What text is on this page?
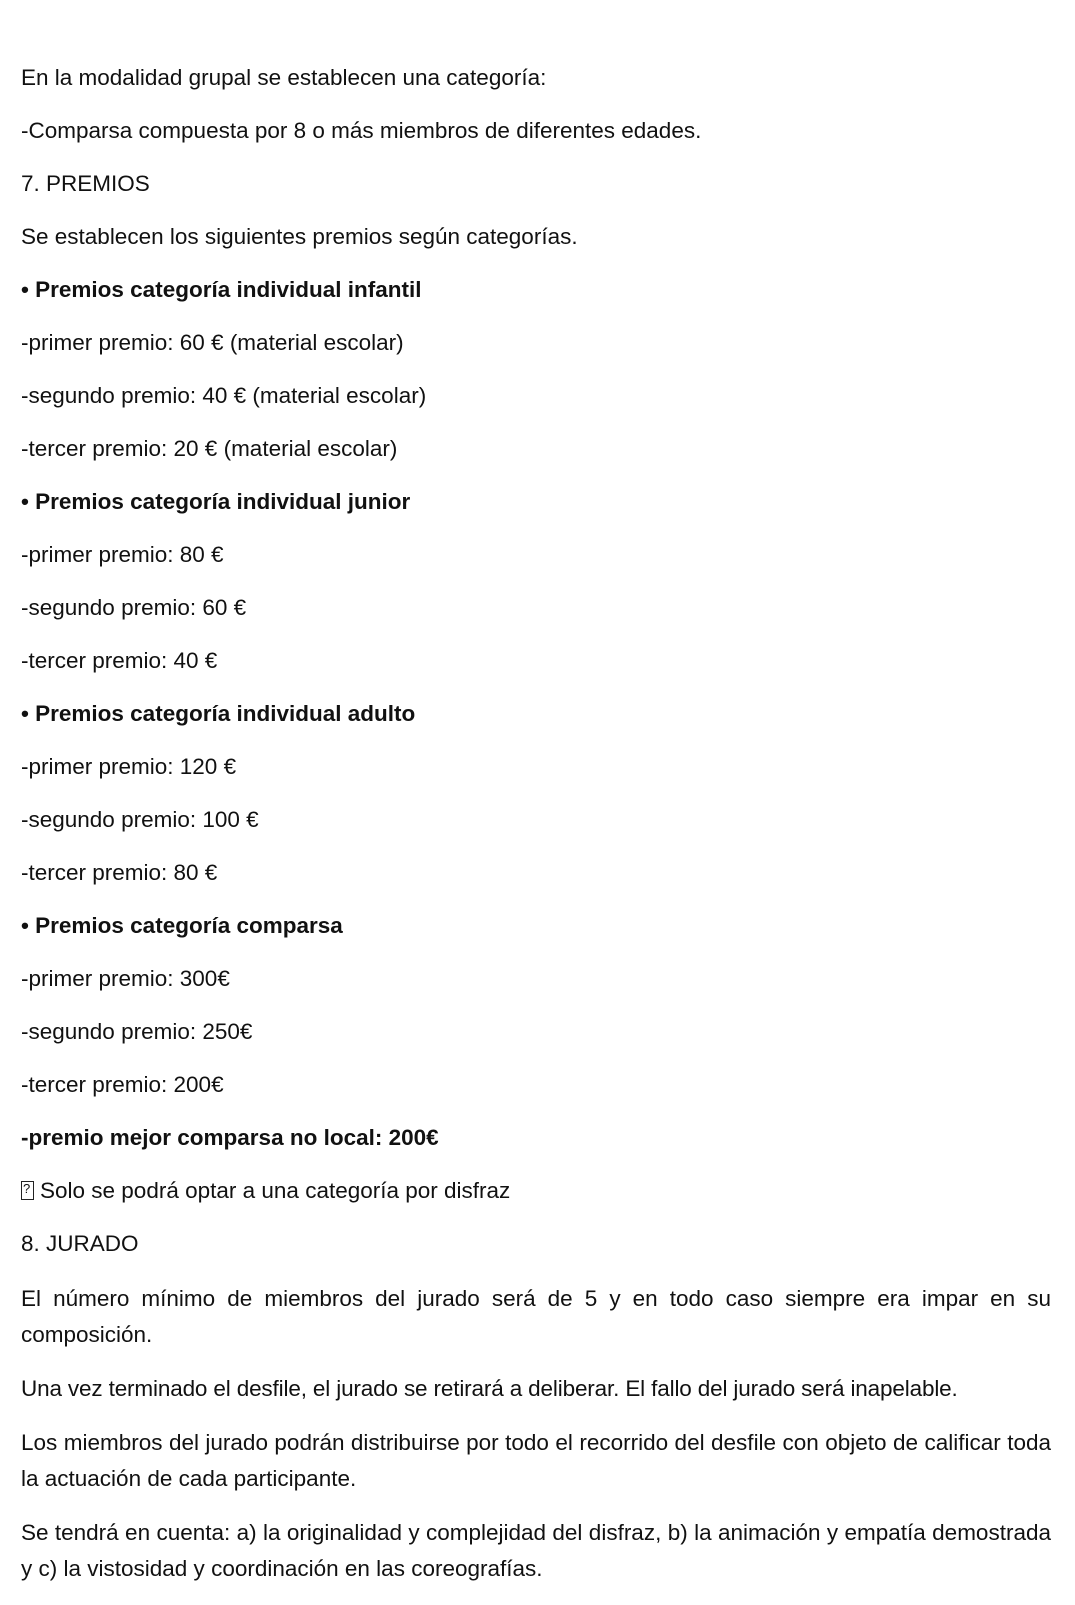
En la modalidad grupal se establecen una categoría:

-Comparsa compuesta por 8 o más miembros de diferentes edades.

7. PREMIOS

Se establecen los siguientes premios según categorías.

• Premios categoría individual infantil

-primer premio: 60 € (material escolar)

-segundo premio: 40 € (material escolar)

-tercer premio: 20 € (material escolar)

• Premios categoría individual junior

-primer premio: 80 €

-segundo premio: 60 €

-tercer premio: 40 €

• Premios categoría individual adulto

-primer premio: 120 €

-segundo premio: 100 €

-tercer premio: 80 €

• Premios categoría comparsa

-primer premio: 300€

-segundo premio: 250€

-tercer premio: 200€

-premio mejor comparsa no local: 200€

?Solo se podrá optar a una categoría por disfraz

8. JURADO

El número mínimo de miembros del jurado será de 5 y en todo caso siempre era impar en su composición.

Una vez terminado el desfile, el jurado se retirará a deliberar. El fallo del jurado será inapelable.

Los miembros del jurado podrán distribuirse por todo el recorrido del desfile con objeto de calificar toda la actuación de cada participante.

Se tendrá en cuenta: a) la originalidad y complejidad del disfraz, b) la animación y empatía demostrada y c) la vistosidad y coordinación en las coreografías.
